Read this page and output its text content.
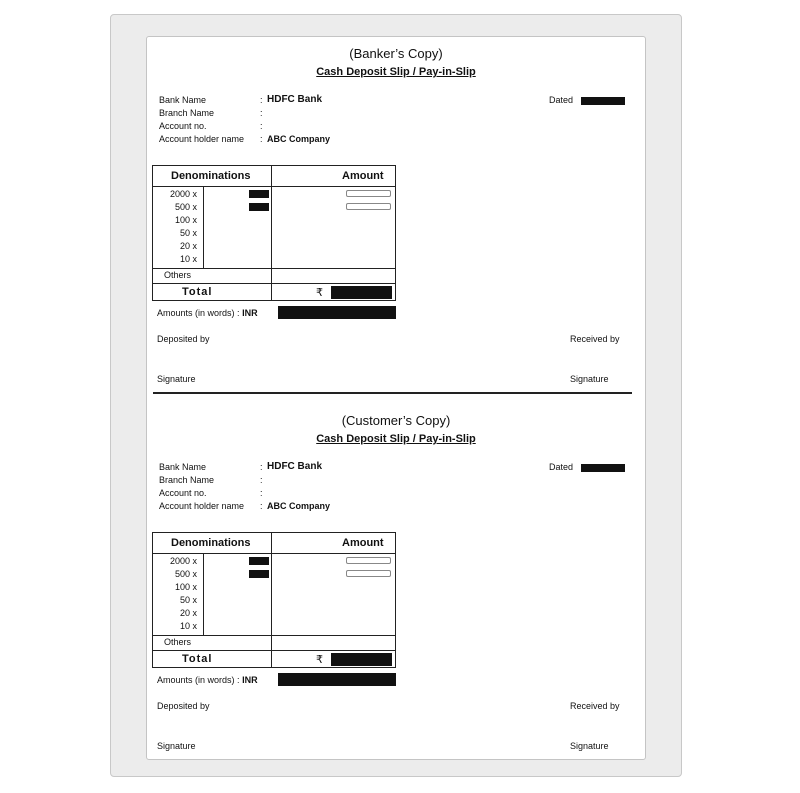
(Banker’s Copy)
Cash Deposit Slip / Pay-in-Slip
Bank Name	: HDFC Bank
Branch Name	:
Account no.	:
Account holder name : ABC Company
Dated
Denominations	Amount
2000 x
500 x
100 x
50 x
20 x
10 x
Others
Total	₹
Amounts (in words) : INR
Deposited by	Received by
Signature	Signature
(Customer’s Copy)
Cash Deposit Slip / Pay-in-Slip
Bank Name	: HDFC Bank
Branch Name	:
Account no.	:
Account holder name : ABC Company
Dated
Denominations	Amount
2000 x
500 x
100 x
50 x
20 x
10 x
Others
Total	₹
Amounts (in words) : INR
Deposited by	Received by
Signature	Signature
